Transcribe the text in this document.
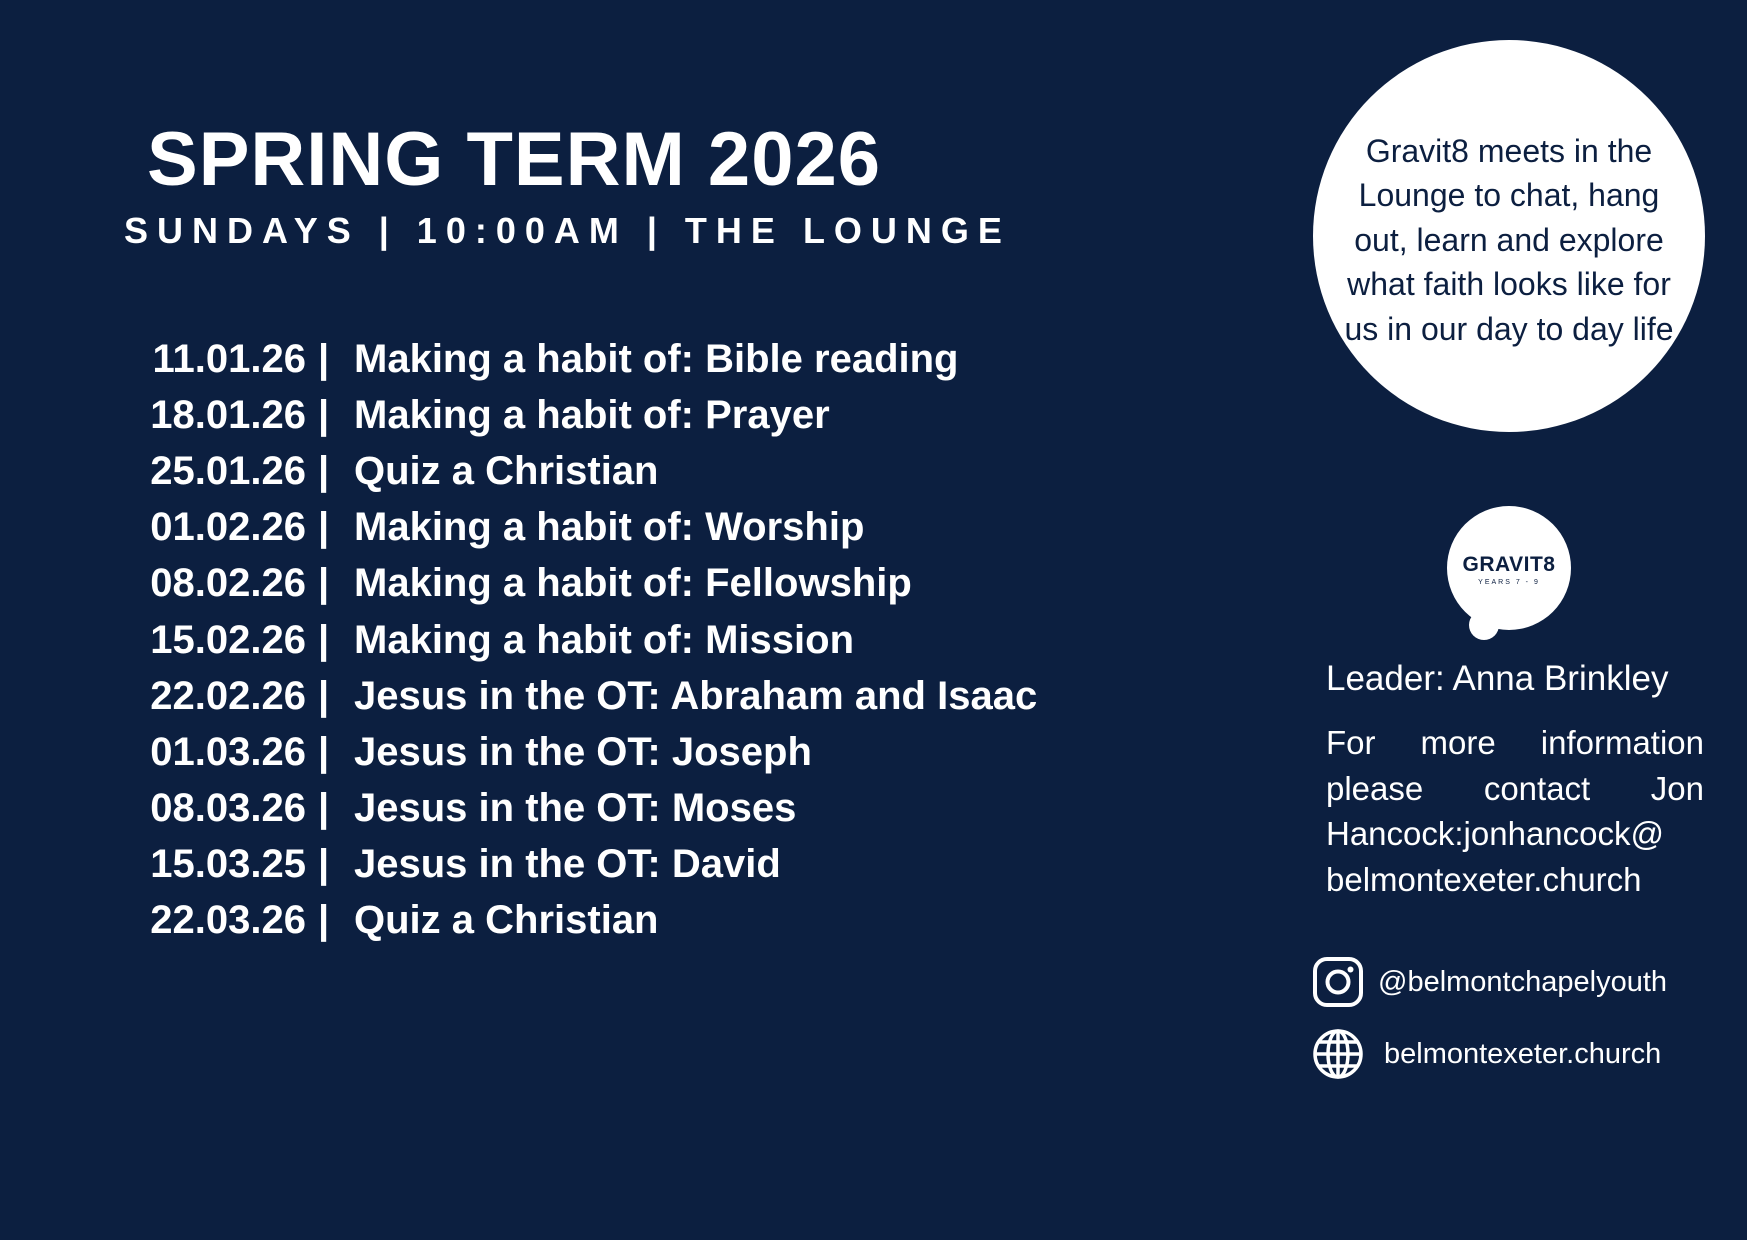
SPRING TERM 2026
SUNDAYS | 10:00AM | THE LOUNGE
11.01.26 | Making a habit of: Bible reading
18.01.26 | Making a habit of: Prayer
25.01.26 | Quiz a Christian
01.02.26 | Making a habit of: Worship
08.02.26 | Making a habit of: Fellowship
15.02.26 | Making a habit of: Mission
22.02.26 | Jesus in the OT: Abraham and Isaac
01.03.26 | Jesus in the OT: Joseph
08.03.26 | Jesus in the OT: Moses
15.03.25 | Jesus in the OT: David
22.03.26 | Quiz a Christian
Gravit8 meets in the Lounge to chat, hang out, learn and explore what faith looks like for us in our day to day life
GRAVIT8
YEARS 7 - 9
Leader: Anna Brinkley
For more information
please contact Jon
Hancock:jonhancock@
belmontexeter.church
@belmontchapelyouth
belmontexeter.church
